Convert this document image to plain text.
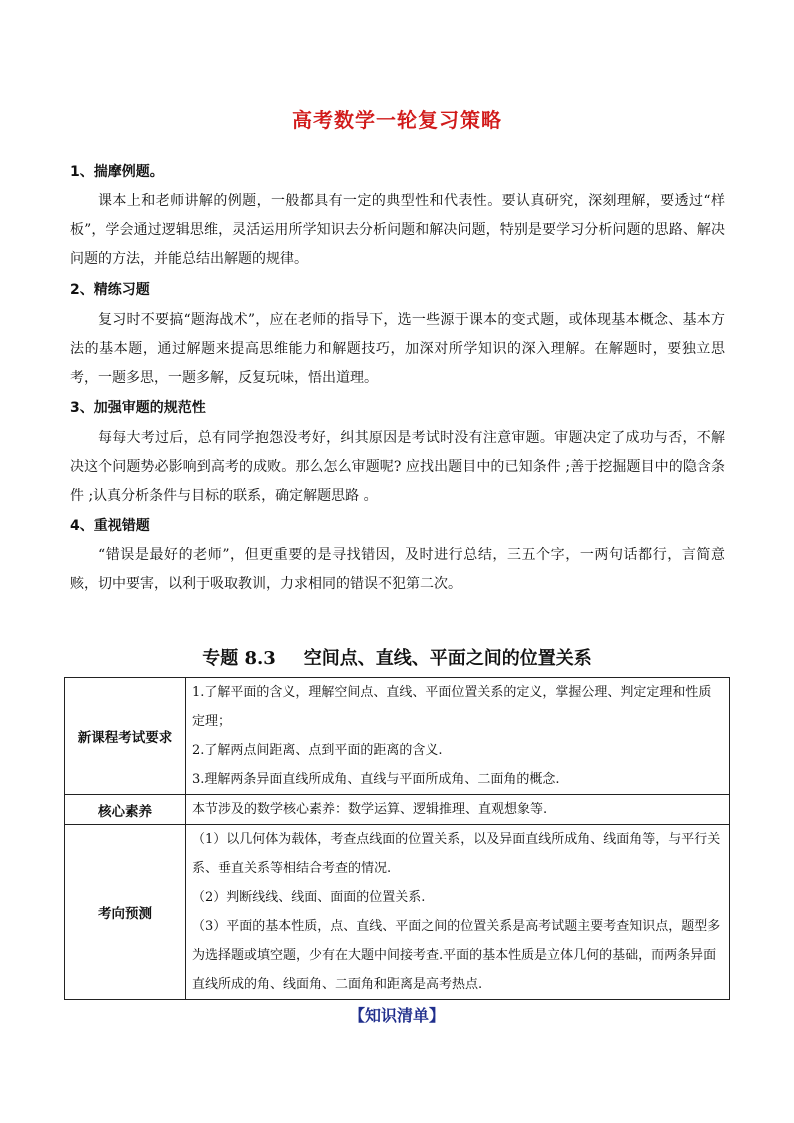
高考数学一轮复习策略
1、揣摩例题。

课本上和老师讲解的例题，一般都具有一定的典型性和代表性。要认真研究，深刻理解，要透过“样板”，学会通过逻辑思维，灵活运用所学知识去分析问题和解决问题，特别是要学习分析问题的思路、解决问题的方法，并能总结出解题的规律。

2、精练习题

复习时不要搞“题海战术”，应在老师的指导下，选一些源于课本的变式题，或体现基本概念、基本方法的基本题，通过解题来提高思维能力和解题技巧，加深对所学知识的深入理解。在解题时，要独立思考，一题多思，一题多解，反复玩味，悟出道理。

3、加强审题的规范性

每每大考过后，总有同学抱怨没考好，纠其原因是考试时没有注意审题。审题决定了成功与否，不解决这个问题势必影响到高考的成败。那么怎么审题呢? 应找出题目中的已知条件 ;善于挖掘题目中的隐含条件 ;认真分析条件与目标的联系，确定解题思路 。

4、重视错题

“错误是最好的老师”，但更重要的是寻找错因，及时进行总结，三五个字，一两句话都行，言简意赅，切中要害，以利于吸取教训，力求相同的错误不犯第二次。

专题 8.3 空间点、直线、平面之间的位置关系
新课程考试要求	1.了解平面的含义，理解空间点、直线、平面位置关系的定义，掌握公理、判定定理和性质定理；
2.了解两点间距离、点到平面的距离的含义.
3.理解两条异面直线所成角、直线与平面所成角、二面角的概念.

核心素养	本节涉及的数学核心素养：数学运算、逻辑推理、直观想象等.

考向预测	（1）以几何体为载体，考查点线面的位置关系，以及异面直线所成角、线面角等，与平行关系、垂直关系等相结合考查的情况.
（2）判断线线、线面、面面的位置关系.
（3）平面的基本性质，点、直线、平面之间的位置关系是高考试题主要考查知识点，题型多为选择题或填空题，少有在大题中间接考查.平面的基本性质是立体几何的基础，而两条异面直线所成的角、线面角、二面角和距离是高考热点.
【知识清单】
